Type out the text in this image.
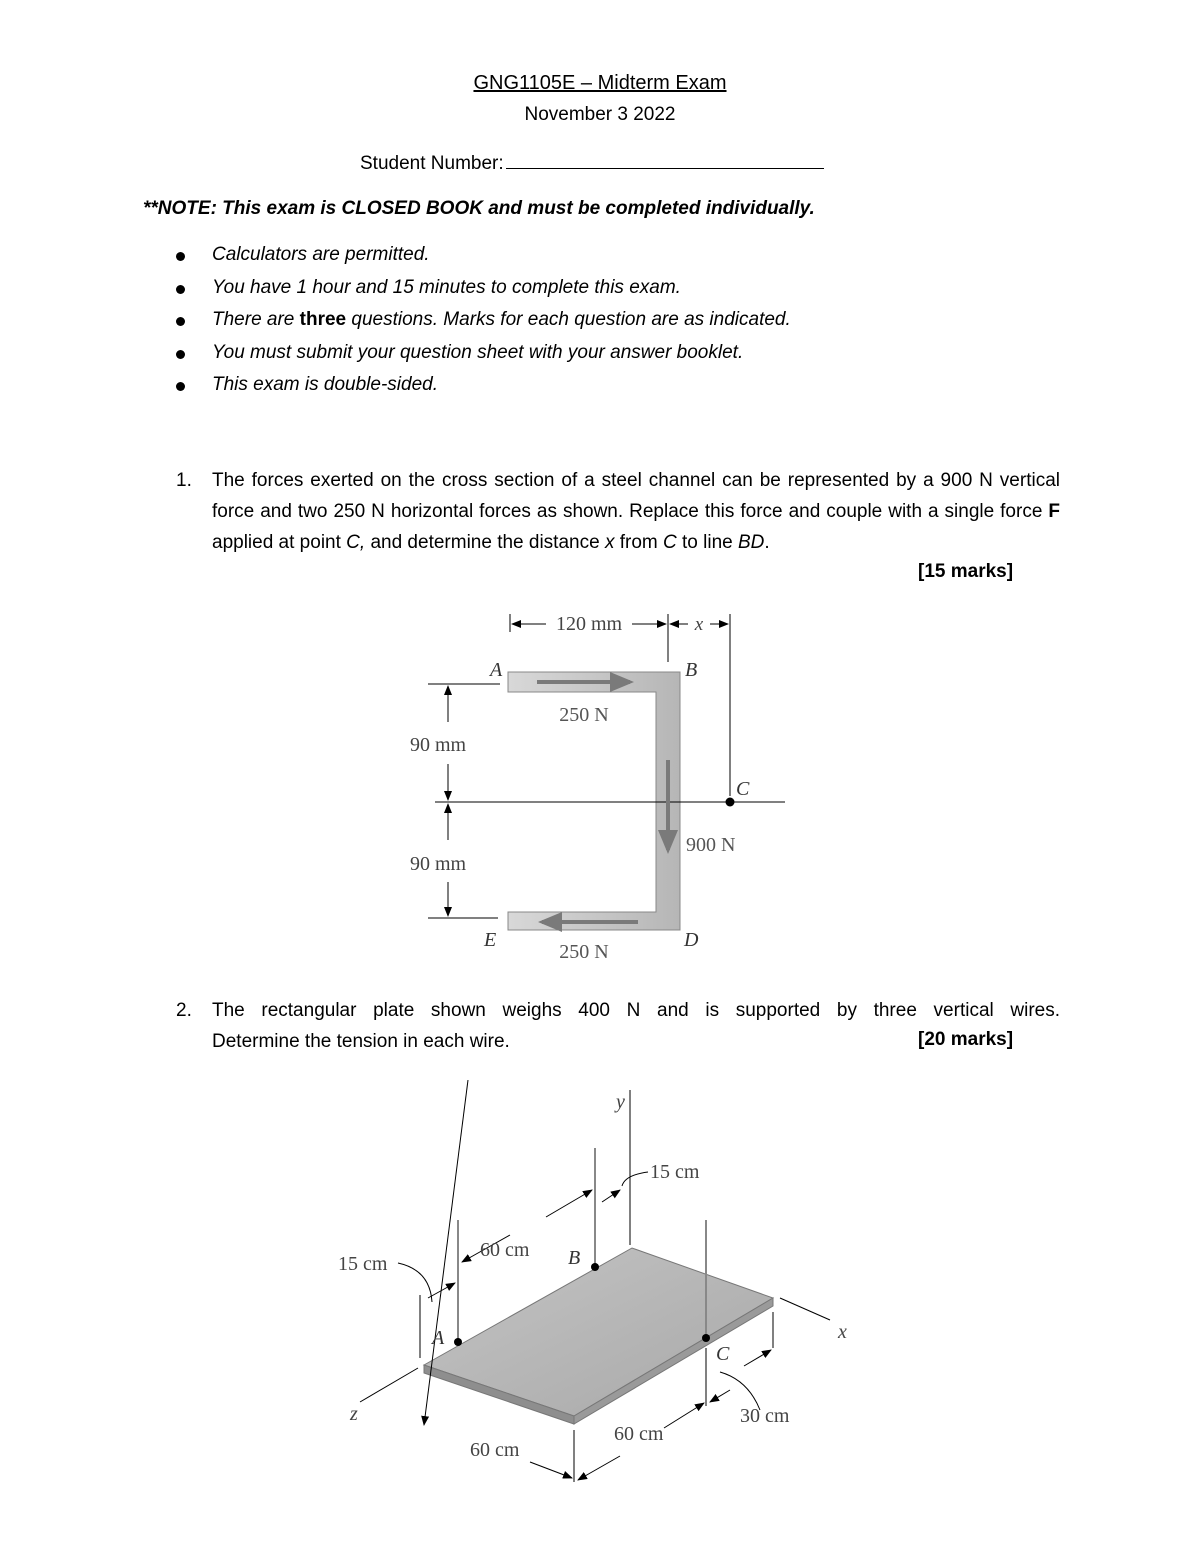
GNG1105E – Midterm Exam
November 3 2022
Student Number:
**NOTE: This exam is CLOSED BOOK and must be completed individually.
Calculators are permitted.
You have 1 hour and 15 minutes to complete this exam.
There are three questions. Marks for each question are as indicated.
You must submit your question sheet with your answer booklet.
This exam is double-sided.
1. The forces exerted on the cross section of a steel channel can be represented by a 900 N vertical force and two 250 N horizontal forces as shown. Replace this force and couple with a single force F applied at point C, and determine the distance x from C to line BD.
[15 marks]
120 mm	x
A	B
C
D
E
250 N
250 N
900 N
90 mm
90 mm
2. The rectangular plate shown weighs 400 N and is supported by three vertical wires.
Determine the tension in each wire.	[20 marks]
y
x
z
15 cm
15 cm
60 cm
60 cm
60 cm
30 cm
A
B
C
